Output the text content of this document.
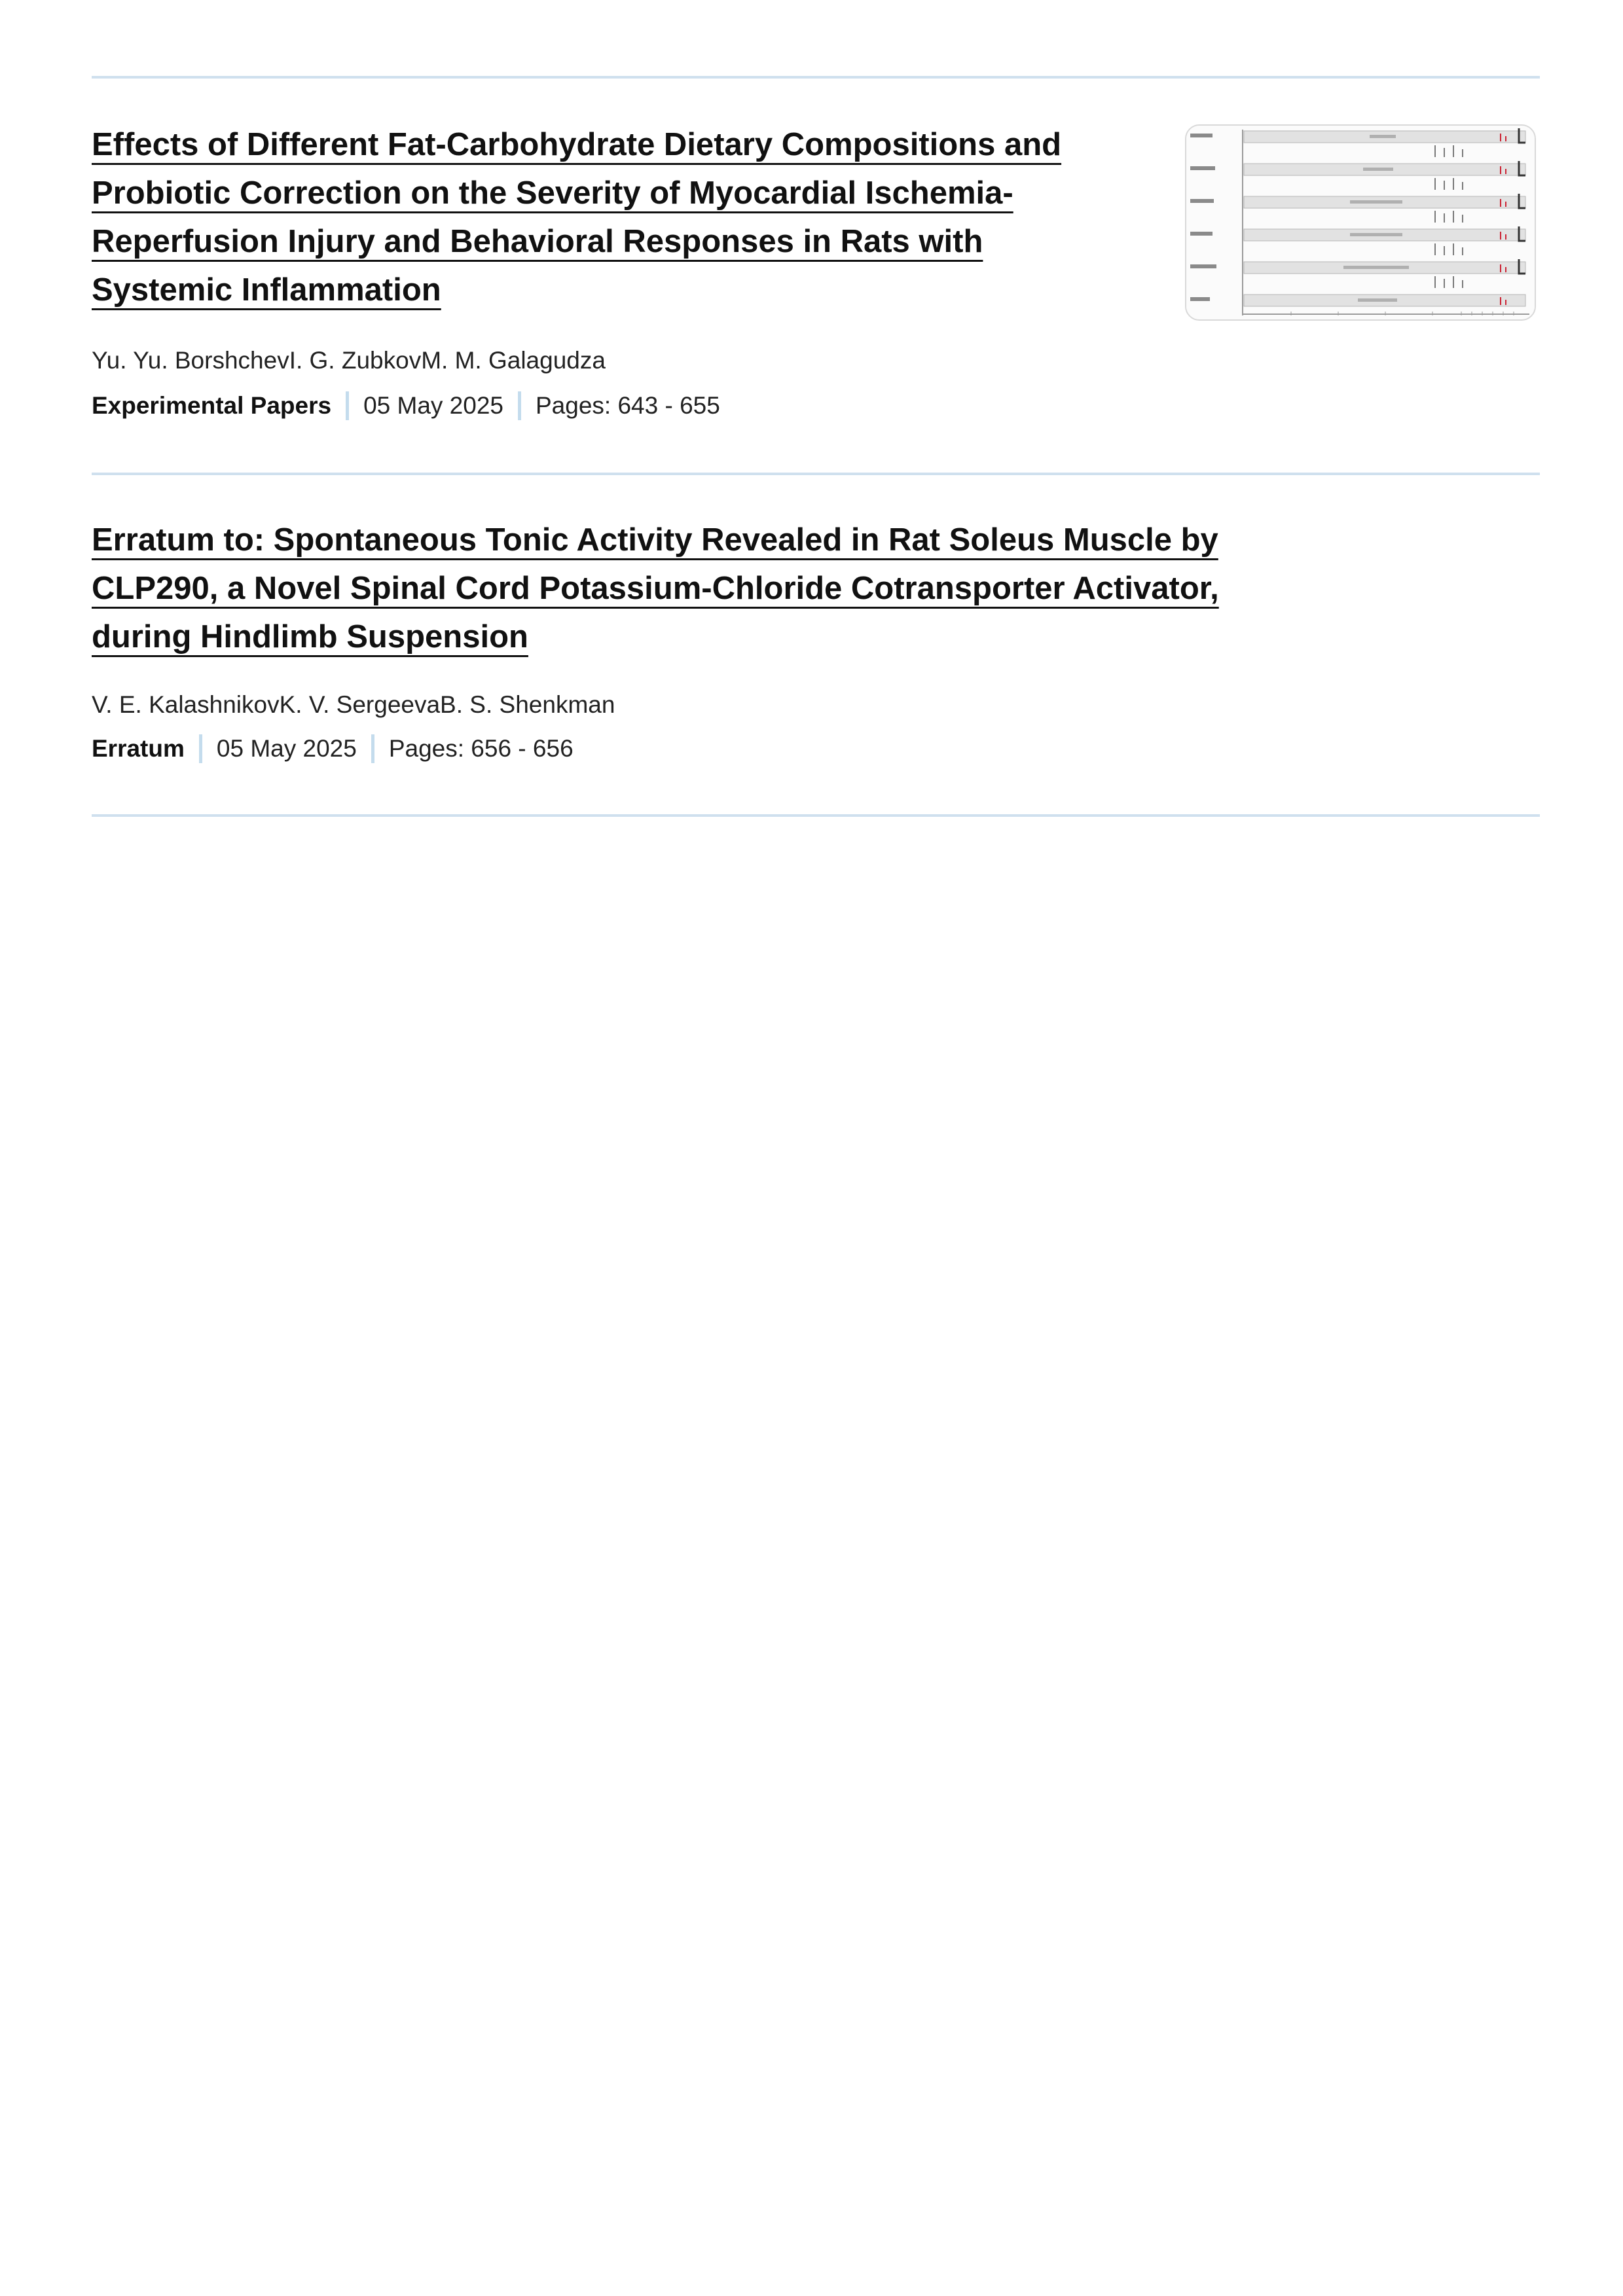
Effects of Different Fat-Carbohydrate Dietary Compositions and Probiotic Correction on the Severity of Myocardial Ischemia-Reperfusion Injury and Behavioral Responses in Rats with Systemic Inflammation
Yu. Yu. BorshchevI. G. ZubkovM. M. Galagudza
Experimental Papers 05 May 2025 Pages: 643 - 655
Erratum to: Spontaneous Tonic Activity Revealed in Rat Soleus Muscle by CLP290, a Novel Spinal Cord Potassium-Chloride Cotransporter Activator, during Hindlimb Suspension
V. E. KalashnikovK. V. SergeevaB. S. Shenkman
Erratum 05 May 2025 Pages: 656 - 656
